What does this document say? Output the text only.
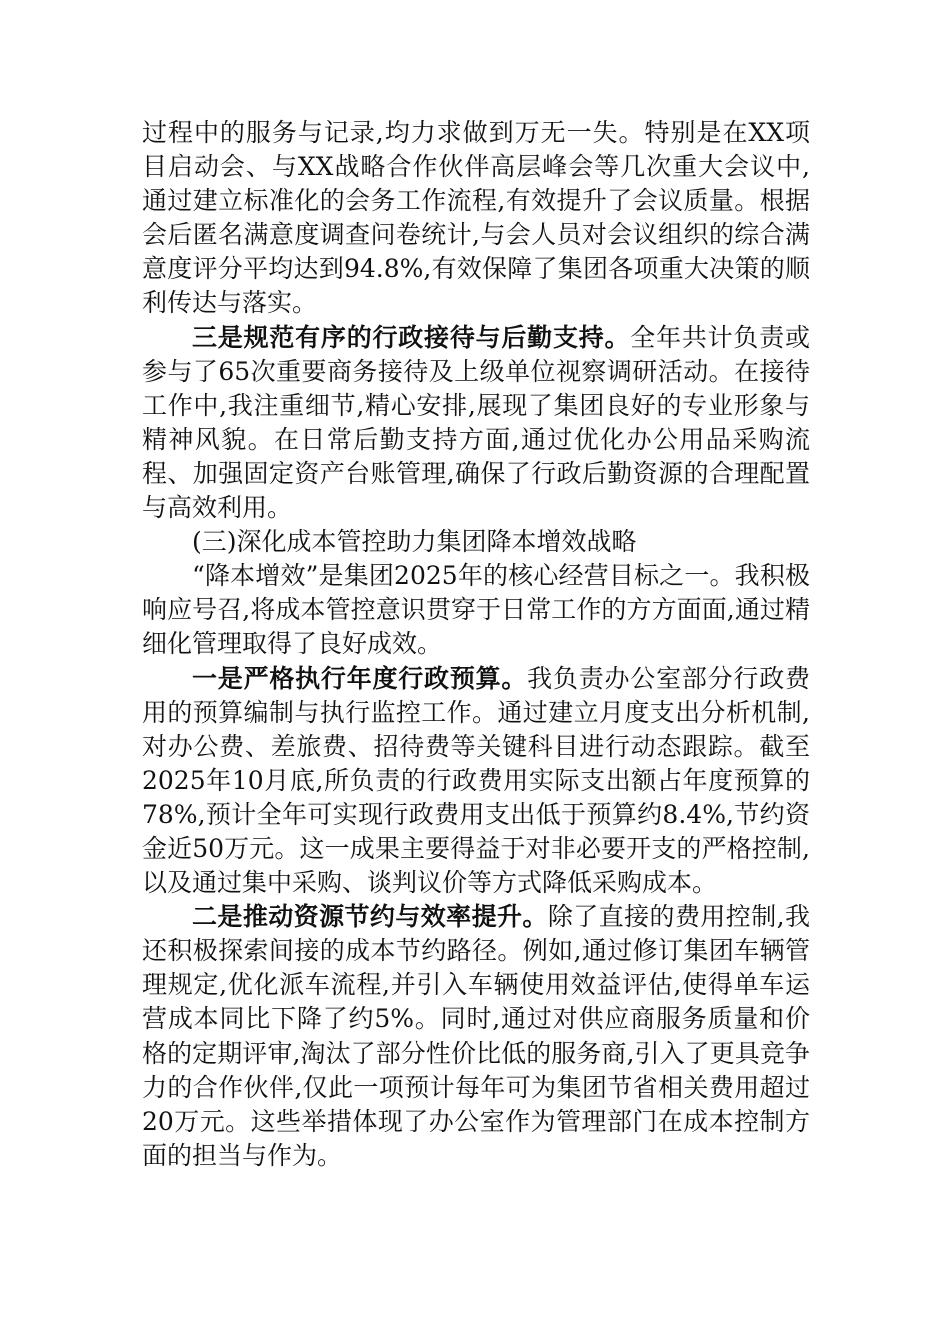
过程中的服务与记录,均力求做到万无一失。特别是在XX项目启动会、与XX战略合作伙伴高层峰会等几次重大会议中,通过建立标准化的会务工作流程,有效提升了会议质量。根据会后匿名满意度调查问卷统计,与会人员对会议组织的综合满意度评分平均达到94.8%,有效保障了集团各项重大决策的顺利传达与落实。

三是规范有序的行政接待与后勤支持。全年共计负责或参与了65次重要商务接待及上级单位视察调研活动。在接待工作中,我注重细节,精心安排,展现了集团良好的专业形象与精神风貌。在日常后勤支持方面,通过优化办公用品采购流程、加强固定资产台账管理,确保了行政后勤资源的合理配置与高效利用。

(三)深化成本管控助力集团降本增效战略

“降本增效”是集团2025年的核心经营目标之一。我积极响应号召,将成本管控意识贯穿于日常工作的方方面面,通过精细化管理取得了良好成效。

一是严格执行年度行政预算。我负责办公室部分行政费用的预算编制与执行监控工作。通过建立月度支出分析机制,对办公费、差旅费、招待费等关键科目进行动态跟踪。截至2025年10月底,所负责的行政费用实际支出额占年度预算的78%,预计全年可实现行政费用支出低于预算约8.4%,节约资金近50万元。这一成果主要得益于对非必要开支的严格控制,以及通过集中采购、谈判议价等方式降低采购成本。

二是推动资源节约与效率提升。除了直接的费用控制,我还积极探索间接的成本节约路径。例如,通过修订集团车辆管理规定,优化派车流程,并引入车辆使用效益评估,使得单车运营成本同比下降了约5%。同时,通过对供应商服务质量和价格的定期评审,淘汰了部分性价比低的服务商,引入了更具竞争力的合作伙伴,仅此一项预计每年可为集团节省相关费用超过20万元。这些举措体现了办公室作为管理部门在成本控制方面的担当与作为。
